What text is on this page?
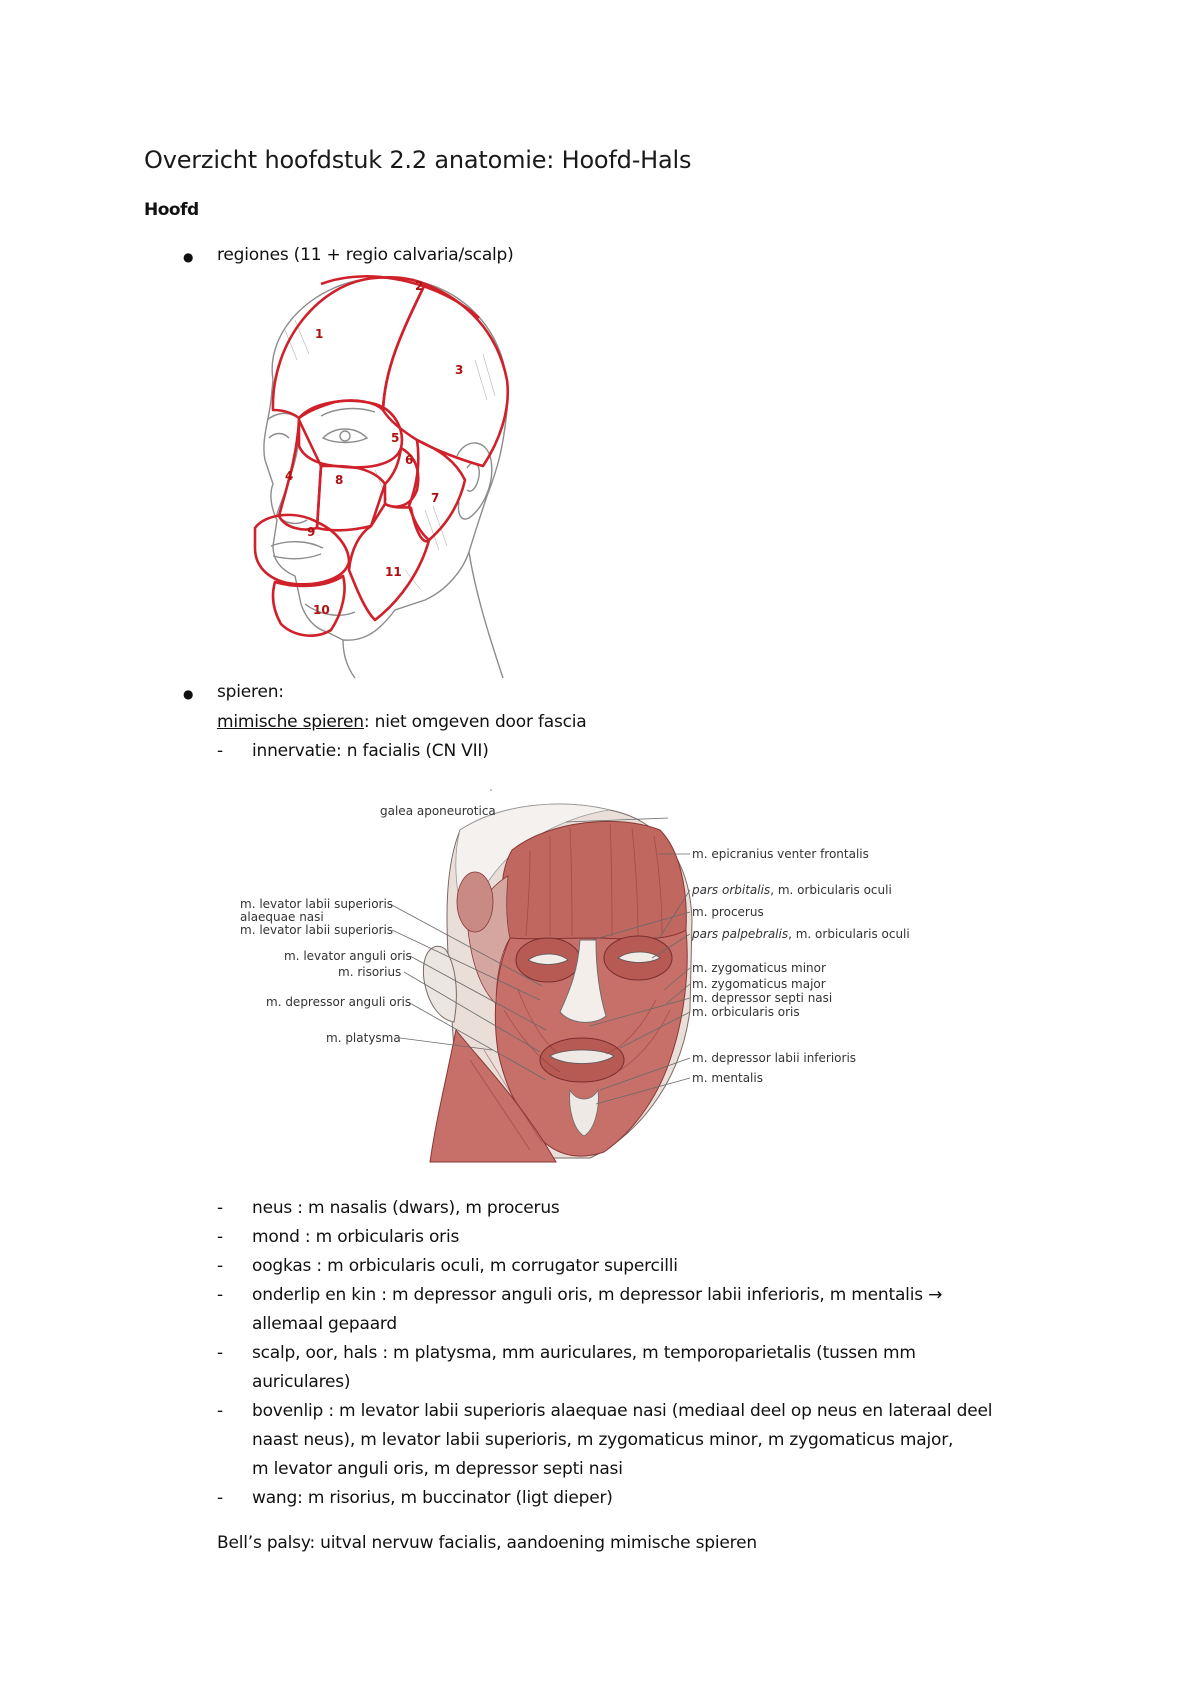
Overzicht hoofdstuk 2.2 anatomie: Hoofd-Hals
Hoofd
● regiones (11 + regio calvaria/scalp)
1
2
3
4
5
6
7
8
9
10
11
● spieren:
mimische spieren: niet omgeven door fascia
- innervatie: n facialis (CN VII)
galea aponeurotica
m. levator labii superioris
alaequae nasi
m. levator labii superioris
m. levator anguli oris
m. risorius
m. depressor anguli oris
m. platysma
m. epicranius venter frontalis
pars orbitalis, m. orbicularis oculi
m. procerus
pars palpebralis, m. orbicularis oculi
m. zygomaticus minor
m. zygomaticus major
m. depressor septi nasi
m. orbicularis oris
m. depressor labii inferioris
m. mentalis
- neus : m nasalis (dwars), m procerus
- mond : m orbicularis oris
- oogkas : m orbicularis oculi, m corrugator supercilli
- onderlip en kin : m depressor anguli oris, m depressor labii inferioris, m mentalis →
allemaal gepaard
- scalp, oor, hals : m platysma, mm auriculares, m temporoparietalis (tussen mm
auriculares)
- bovenlip : m levator labii superioris alaequae nasi (mediaal deel op neus en lateraal deel
naast neus), m levator labii superioris, m zygomaticus minor, m zygomaticus major,
m levator anguli oris, m depressor septi nasi
- wang: m risorius, m buccinator (ligt dieper)
Bell’s palsy: uitval nervuw facialis, aandoening mimische spieren
